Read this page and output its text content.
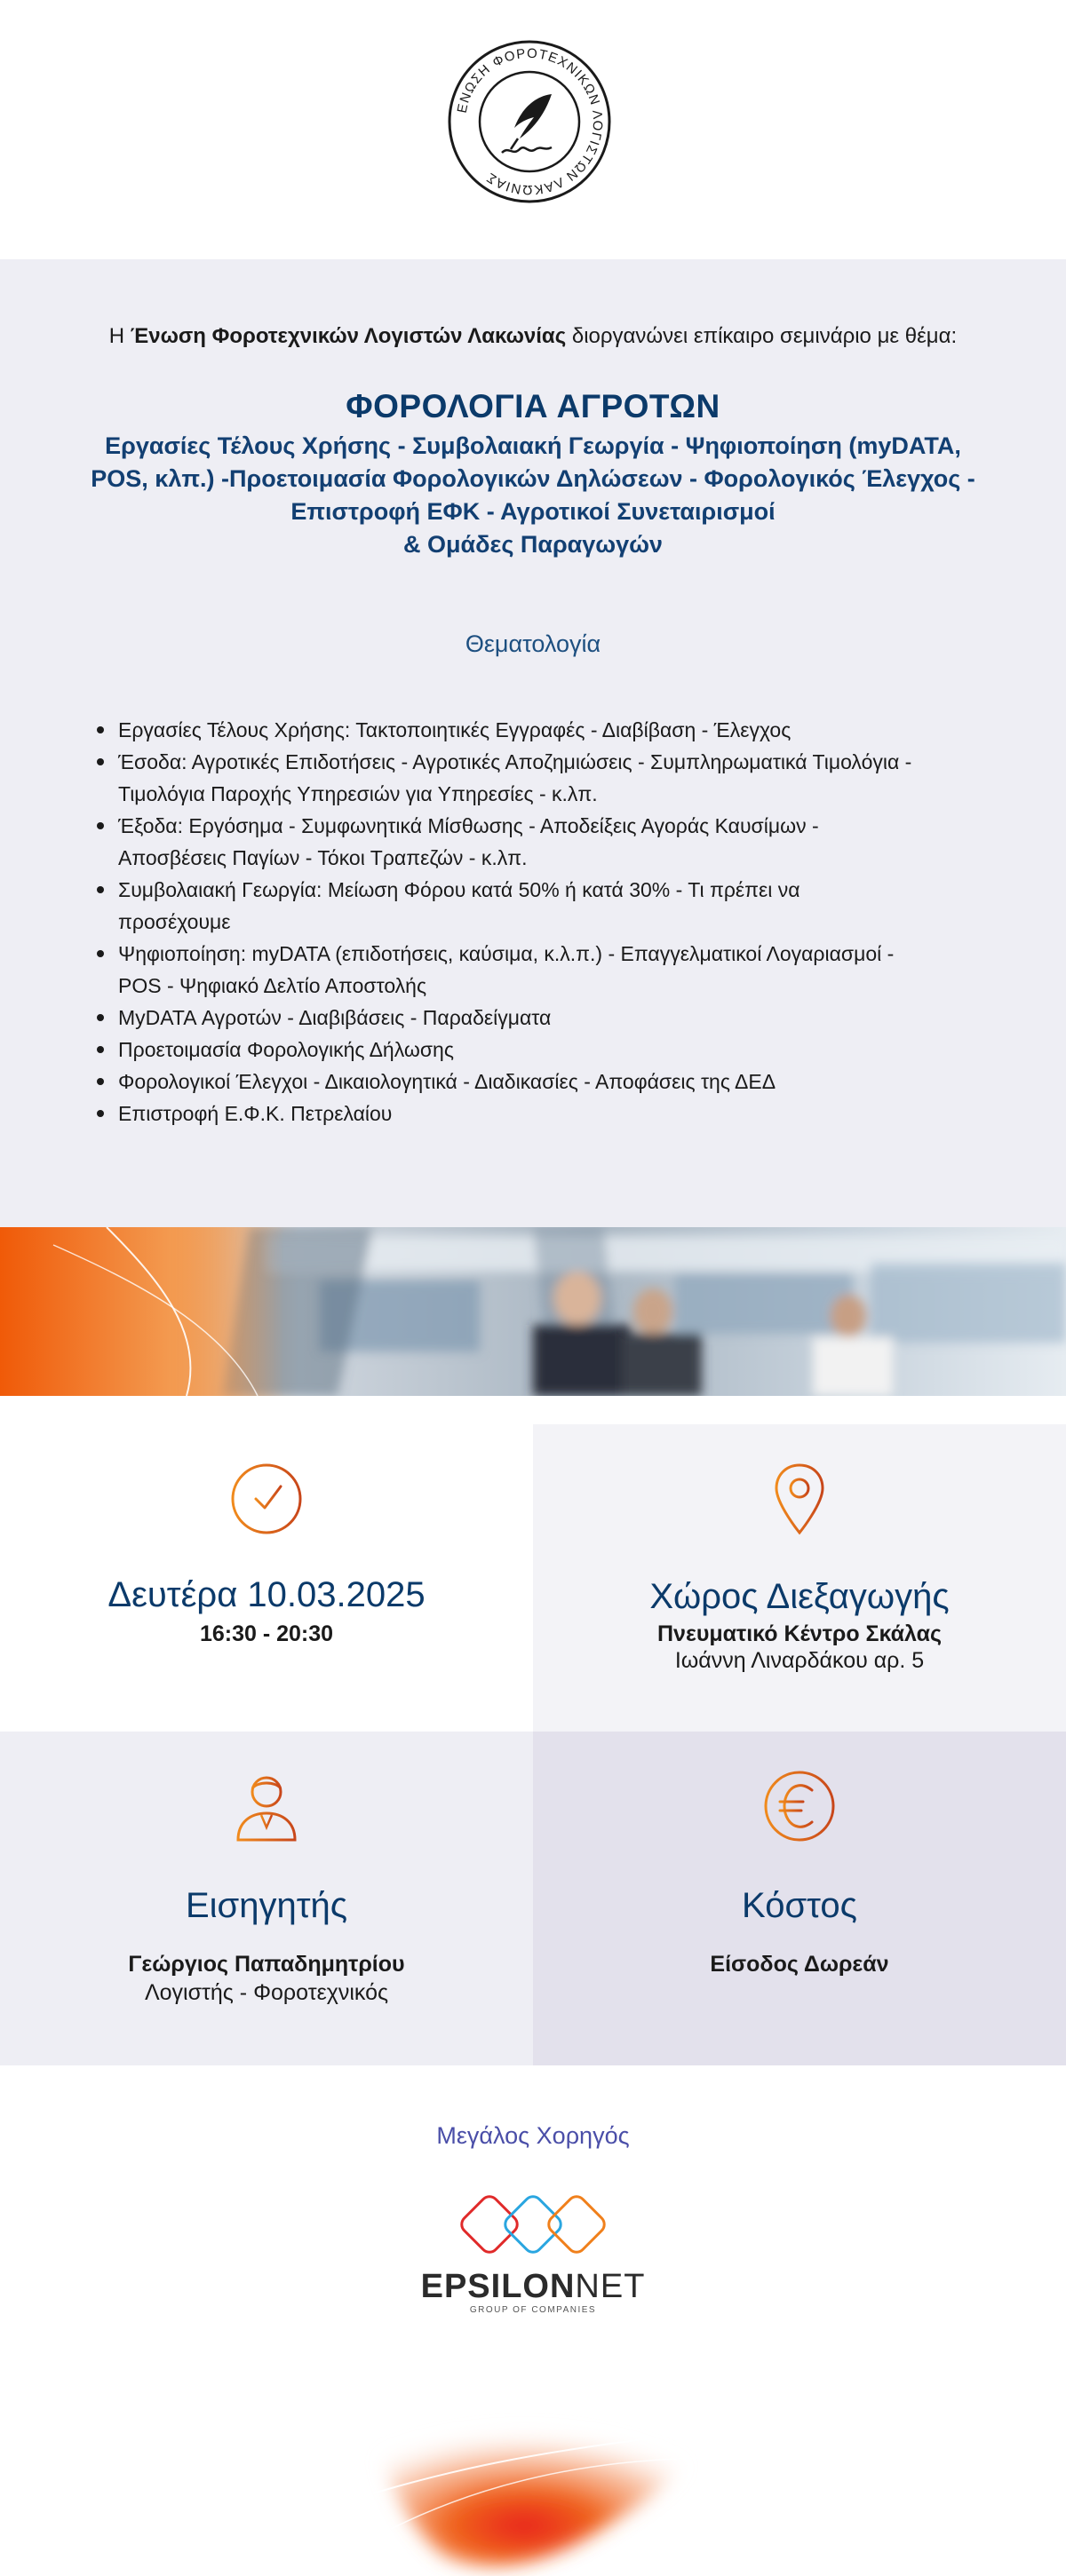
ΕΝΩΣΗ ΦΟΡΟΤΕΧΝΙΚΩΝ ΛΟΓΙΣΤΩΝ ΛΑΚΩΝΙΑΣ
Η Ένωση Φοροτεχνικών Λογιστών Λακωνίας διοργανώνει επίκαιρο σεμινάριο με θέμα:
ΦΟΡΟΛΟΓΙΑ ΑΓΡΟΤΩΝ
Εργασίες Τέλους Χρήσης - Συμβολαιακή Γεωργία - Ψηφιοποίηση (myDATA,
POS, κλπ.) -Προετοιμασία Φορολογικών Δηλώσεων - Φορολογικός Έλεγχος -
Επιστροφή ΕΦΚ - Αγροτικοί Συνεταιρισμοί
& Ομάδες Παραγωγών
Θεματολογία
Εργασίες Τέλους Χρήσης: Τακτοποιητικές Εγγραφές - Διαβίβαση - Έλεγχος
Έσοδα: Αγροτικές Επιδοτήσεις - Αγροτικές Αποζημιώσεις - Συμπληρωματικά Τιμολόγια -
Τιμολόγια Παροχής Υπηρεσιών για Υπηρεσίες - κ.λπ.
Έξοδα: Εργόσημα - Συμφωνητικά Μίσθωσης - Αποδείξεις Αγοράς Καυσίμων -
Αποσβέσεις Παγίων - Τόκοι Τραπεζών - κ.λπ.
Συμβολαιακή Γεωργία: Μείωση Φόρου κατά 50% ή κατά 30% - Τι πρέπει να
προσέχουμε
Ψηφιοποίηση: myDATA (επιδοτήσεις, καύσιμα, κ.λ.π.) - Επαγγελματικοί Λογαριασμοί -
POS - Ψηφιακό Δελτίο Αποστολής
MyDATA Αγροτών - Διαβιβάσεις - Παραδείγματα
Προετοιμασία Φορολογικής Δήλωσης
Φορολογικοί Έλεγχοι - Δικαιολογητικά - Διαδικασίες - Αποφάσεις της ΔΕΔ
Επιστροφή Ε.Φ.Κ. Πετρελαίου
Δευτέρα 10.03.2025
16:30 - 20:30
Χώρος Διεξαγωγής
Πνευματικό Κέντρο Σκάλας
Ιωάννη Λιναρδάκου αρ. 5
Εισηγητής
Γεώργιος Παπαδημητρίου
Λογιστής - Φοροτεχνικός
Κόστος
Είσοδος Δωρεάν
Μεγάλος Χορηγός
EPSILONNET
GROUP OF COMPANIES
